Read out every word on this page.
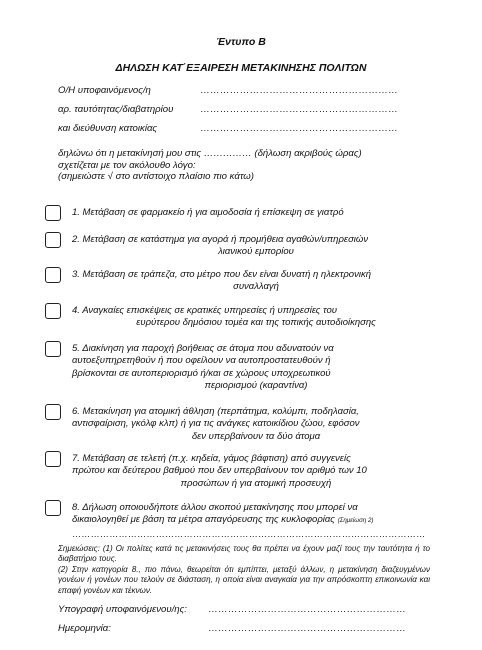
Έντυπο Β
ΔΗΛΩΣΗ ΚΑΤ΄ΕΞΑΙΡΕΣΗ ΜΕΤΑΚΙΝΗΣΗΣ ΠΟΛΙΤΩΝ
Ο/Η υποφαινόμενος/η	……………………………………………………
αρ. ταυτότητας/διαβατηρίου	……………………………………………………
και διεύθυνση κατοικίας	……………………………………………………
δηλώνω ότι η μετακίνησή μου στις …………… (δήλωση ακριβούς ώρας)
σχετίζεται με τον ακόλουθο λόγο:
(σημειώστε √ στο αντίστοιχο πλαίσιο πιο κάτω)
1. Μετάβαση σε φαρμακείο ή για αιμοδοσία ή επίσκεψη σε γιατρό
2. Μετάβαση σε κατάστημα για αγορά ή προμήθεια αγαθών/υπηρεσιών
λιανικού εμπορίου
3. Μετάβαση σε τράπεζα, στο μέτρο που δεν είναι δυνατή η ηλεκτρονική
συναλλαγή
4. Αναγκαίες επισκέψεις σε κρατικές υπηρεσίες ή υπηρεσίες του
ευρύτερου δημόσιου τομέα και της τοπικής αυτοδιοίκησης
5. Διακίνηση για παροχή βοήθειας σε άτομα που αδυνατούν να
αυτοεξυπηρετηθούν ή που οφείλουν να αυτοπροστατευθούν ή
βρίσκονται σε αυτοπεριορισμό ή/και σε χώρους υποχρεωτικού
περιορισμού (καραντίνα)
6. Μετακίνηση για ατομική άθληση (περπάτημα, κολύμπι, ποδηλασία,
αντισφαίριση, γκόλφ κλπ) ή για τις ανάγκες κατοικίδιου ζώου, εφόσον
δεν υπερβαίνουν τα δύο άτομα
7. Μετάβαση σε τελετή (π.χ. κηδεία, γάμος βάφτιση) από συγγενείς
πρώτου και δεύτερου βαθμού που δεν υπερβαίνουν τον αριθμό των 10
προσώπων ή για ατομική προσευχή
8. Δήλωση οποιουδήποτε άλλου σκοπού μετακίνησης που μπορεί να
δικαιολογηθεί με βάση τα μέτρα απαγόρευσης της κυκλοφορίας (Σημείωση 2)
……………………………………………………………………………………………………
Σημειώσεις: (1) Οι πολίτες κατά τις μετακινήσεις τους θα πρέπει να έχουν μαζί τους την ταυτότητα ή το διαβατήριο τους.
(2) Στην κατηγορία 8., πιο πάνω, θεωρείται ότι εμπίπτει, μεταξύ άλλων, η μετακίνηση διαζευγμένων γονέων ή γονέων που τελούν σε διάσταση, η οποία είναι αναγκαία για την απρόσκοπτη επικοινωνία και επαφή γονέων και τέκνων.
Υπογραφή υποφαινόμενου/ης: ……………………………………………………
Ημερομηνία:	……………………………………………………
